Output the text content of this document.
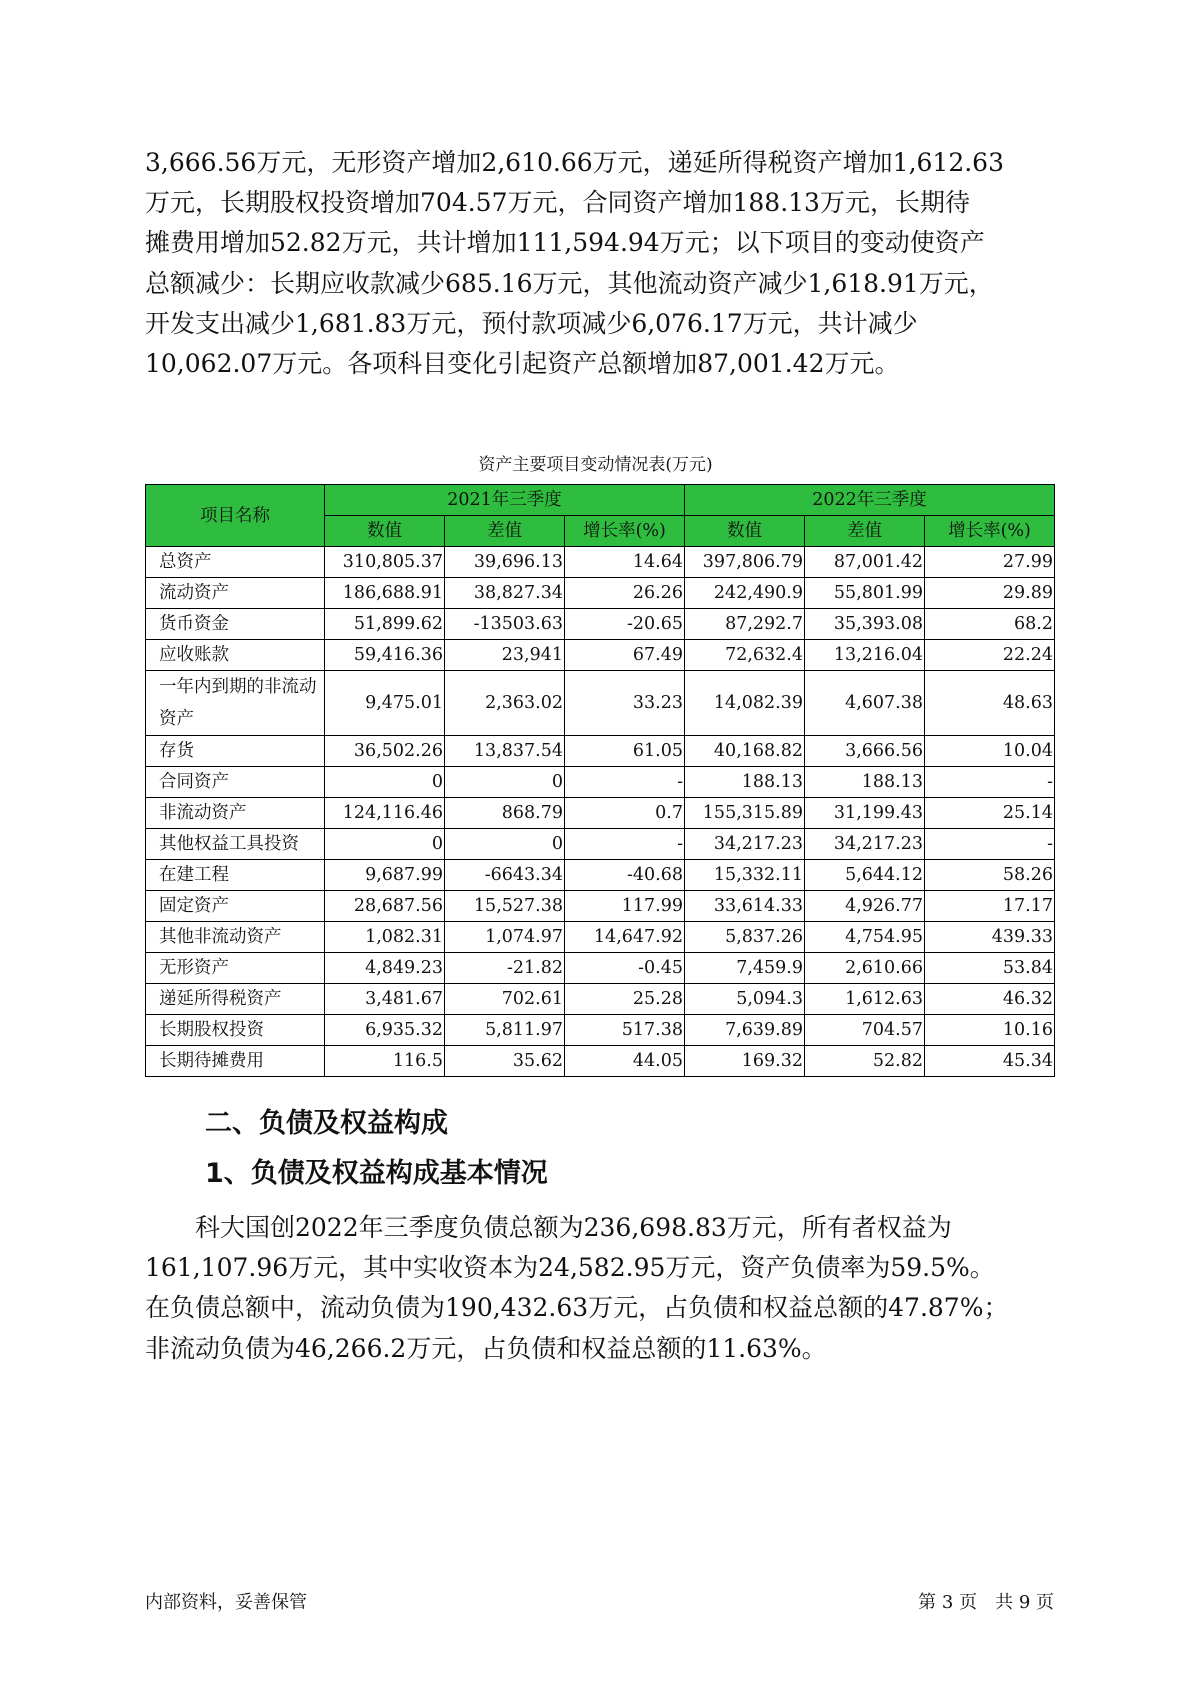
3,666.56万元，无形资产增加2,610.66万元，递延所得税资产增加1,612.63
万元，长期股权投资增加704.57万元，合同资产增加188.13万元，长期待
摊费用增加52.82万元，共计增加111,594.94万元；以下项目的变动使资产
总额减少：长期应收款减少685.16万元，其他流动资产减少1,618.91万元，
开发支出减少1,681.83万元，预付款项减少6,076.17万元，共计减少
10,062.07万元。各项科目变化引起资产总额增加87,001.42万元。
资产主要项目变动情况表(万元)
项目名称	2021年三季度			2022年三季度		
	数值	差值	增长率(%)	数值	差值	增长率(%)
总资产	310,805.37	39,696.13	14.64	397,806.79	87,001.42	27.99
流动资产	186,688.91	38,827.34	26.26	242,490.9	55,801.99	29.89
货币资金	51,899.62	-13503.63	-20.65	87,292.7	35,393.08	68.2
应收账款	59,416.36	23,941	67.49	72,632.4	13,216.04	22.24
一年内到期的非流动资产	9,475.01	2,363.02	33.23	14,082.39	4,607.38	48.63
存货	36,502.26	13,837.54	61.05	40,168.82	3,666.56	10.04
合同资产	0	0	-	188.13	188.13	-
非流动资产	124,116.46	868.79	0.7	155,315.89	31,199.43	25.14
其他权益工具投资	0	0	-	34,217.23	34,217.23	-
在建工程	9,687.99	-6643.34	-40.68	15,332.11	5,644.12	58.26
固定资产	28,687.56	15,527.38	117.99	33,614.33	4,926.77	17.17
其他非流动资产	1,082.31	1,074.97	14,647.92	5,837.26	4,754.95	439.33
无形资产	4,849.23	-21.82	-0.45	7,459.9	2,610.66	53.84
递延所得税资产	3,481.67	702.61	25.28	5,094.3	1,612.63	46.32
长期股权投资	6,935.32	5,811.97	517.38	7,639.89	704.57	10.16
长期待摊费用	116.5	35.62	44.05	169.32	52.82	45.34
二、负债及权益构成
1、负债及权益构成基本情况
科大国创2022年三季度负债总额为236,698.83万元，所有者权益为
161,107.96万元，其中实收资本为24,582.95万元，资产负债率为59.5%。
在负债总额中，流动负债为190,432.63万元，占负债和权益总额的47.87%；
非流动负债为46,266.2万元，占负债和权益总额的11.63%。
内部资料，妥善保管	第 3 页　共 9 页
